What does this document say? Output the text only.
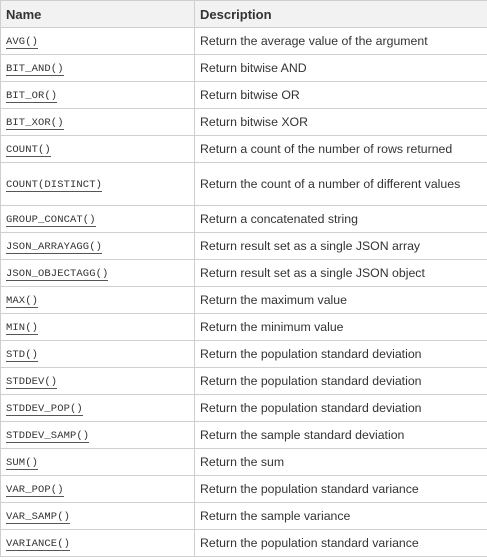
Name	Description
AVG()	Return the average value of the argument
BIT_AND()	Return bitwise AND
BIT_OR()	Return bitwise OR
BIT_XOR()	Return bitwise XOR
COUNT()	Return a count of the number of rows returned
COUNT(DISTINCT)	Return the count of a number of different values
GROUP_CONCAT()	Return a concatenated string
JSON_ARRAYAGG()	Return result set as a single JSON array
JSON_OBJECTAGG()	Return result set as a single JSON object
MAX()	Return the maximum value
MIN()	Return the minimum value
STD()	Return the population standard deviation
STDDEV()	Return the population standard deviation
STDDEV_POP()	Return the population standard deviation
STDDEV_SAMP()	Return the sample standard deviation
SUM()	Return the sum
VAR_POP()	Return the population standard variance
VAR_SAMP()	Return the sample variance
VARIANCE()	Return the population standard variance
